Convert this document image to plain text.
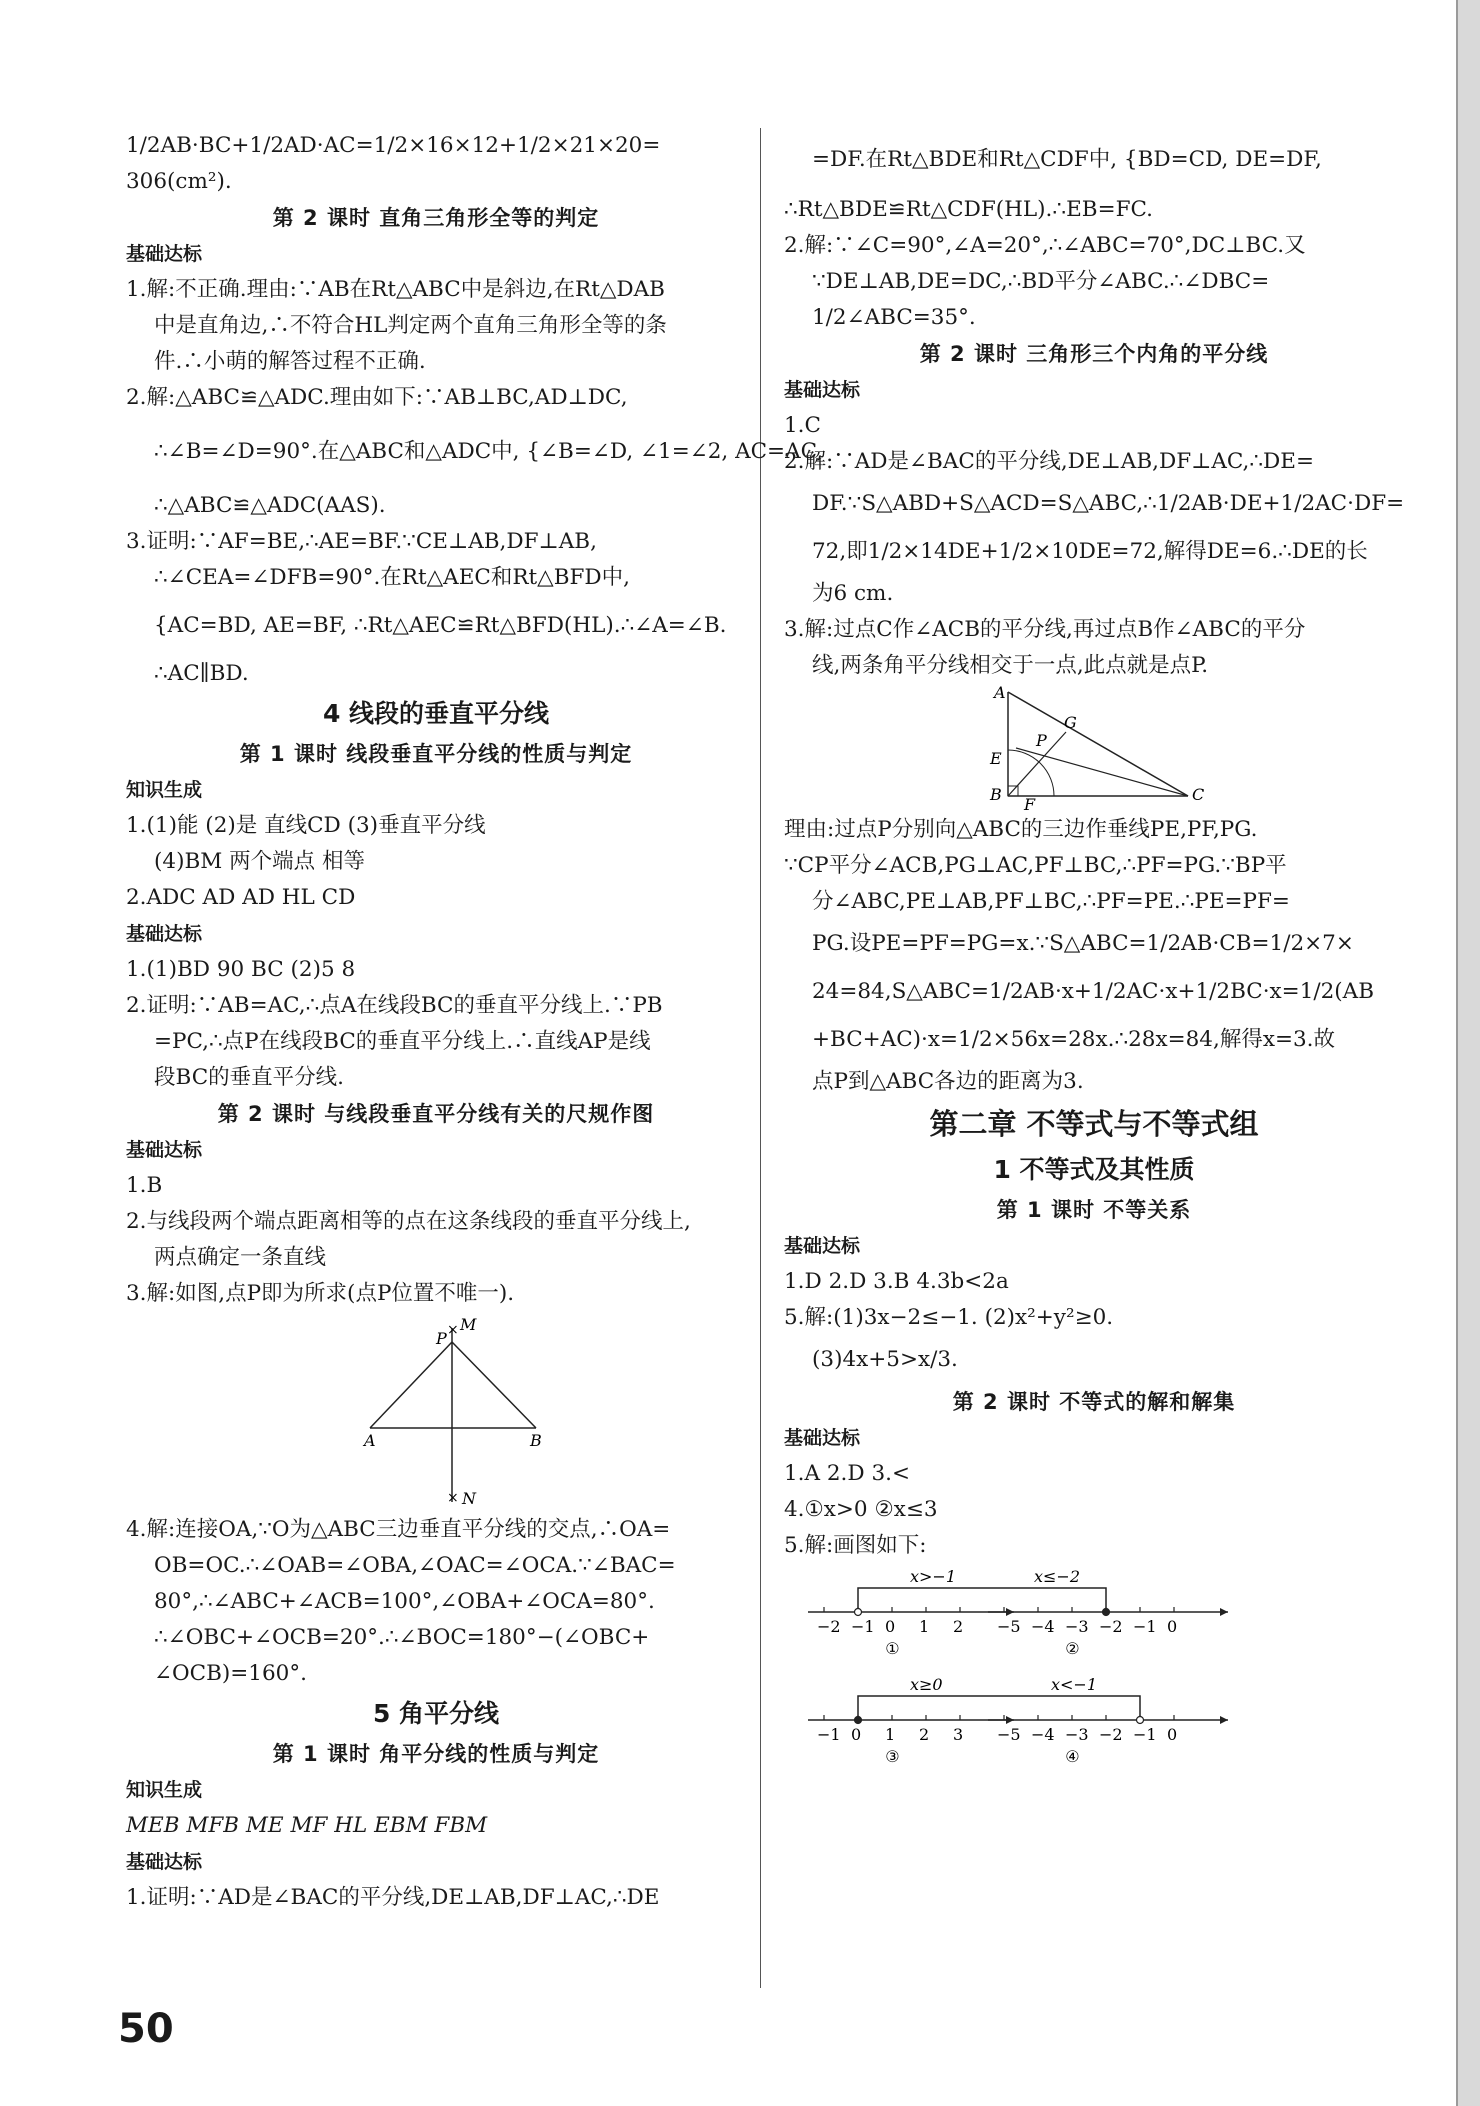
1/2AB·BC+1/2AD·AC=1/2×16×12+1/2×21×20=
306(cm²).
第 2 课时 直角三角形全等的判定
基础达标
1.解:不正确.理由:∵AB在Rt△ABC中是斜边,在Rt△DAB
中是直角边,∴不符合HL判定两个直角三角形全等的条
件.∴小萌的解答过程不正确.
2.解:△ABC≌△ADC.理由如下:∵AB⊥BC,AD⊥DC,
∴∠B=∠D=90°.在△ABC和△ADC中, {∠B=∠D, ∠1=∠2, AC=AC,
∴△ABC≌△ADC(AAS).
3.证明:∵AF=BE,∴AE=BF.∵CE⊥AB,DF⊥AB,
∴∠CEA=∠DFB=90°.在Rt△AEC和Rt△BFD中,
{AC=BD, AE=BF, ∴Rt△AEC≌Rt△BFD(HL).∴∠A=∠B.
∴AC∥BD.
4 线段的垂直平分线
第 1 课时 线段垂直平分线的性质与判定
知识生成
1.(1)能 (2)是 直线CD (3)垂直平分线
(4)BM 两个端点 相等
2.ADC AD AD HL CD
基础达标
1.(1)BD 90 BC (2)5 8
2.证明:∵AB=AC,∴点A在线段BC的垂直平分线上.∵PB
=PC,∴点P在线段BC的垂直平分线上.∴直线AP是线
段BC的垂直平分线.
第 2 课时 与线段垂直平分线有关的尺规作图
基础达标
1.B
2.与线段两个端点距离相等的点在这条线段的垂直平分线上,
两点确定一条直线
3.解:如图,点P即为所求(点P位置不唯一).
×
×
P
M
A	B
N
4.解:连接OA,∵O为△ABC三边垂直平分线的交点,∴OA=
OB=OC.∴∠OAB=∠OBA,∠OAC=∠OCA.∵∠BAC=
80°,∴∠ABC+∠ACB=100°,∠OBA+∠OCA=80°.
∴∠OBC+∠OCB=20°.∴∠BOC=180°−(∠OBC+
∠OCB)=160°.
5 角平分线
第 1 课时 角平分线的性质与判定
知识生成
MEB MFB ME MF HL EBM FBM
基础达标
1.证明:∵AD是∠BAC的平分线,DE⊥AB,DF⊥AC,∴DE
=DF.在Rt△BDE和Rt△CDF中, {BD=CD, DE=DF,
∴Rt△BDE≌Rt△CDF(HL).∴EB=FC.
2.解:∵∠C=90°,∠A=20°,∴∠ABC=70°,DC⊥BC.又
∵DE⊥AB,DE=DC,∴BD平分∠ABC.∴∠DBC=
1/2∠ABC=35°.
第 2 课时 三角形三个内角的平分线
基础达标
1.C
2.解:∵AD是∠BAC的平分线,DE⊥AB,DF⊥AC,∴DE=
DF.∵S△ABD+S△ACD=S△ABC,∴1/2AB·DE+1/2AC·DF=
72,即1/2×14DE+1/2×10DE=72,解得DE=6.∴DE的长
为6 cm.
3.解:过点C作∠ACB的平分线,再过点B作∠ABC的平分
线,两条角平分线相交于一点,此点就是点P.
A
G
P
E
B
F
C
理由:过点P分别向△ABC的三边作垂线PE,PF,PG.
∵CP平分∠ACB,PG⊥AC,PF⊥BC,∴PF=PG.∵BP平
分∠ABC,PE⊥AB,PF⊥BC,∴PF=PE.∴PE=PF=
PG.设PE=PF=PG=x.∵S△ABC=1/2AB·CB=1/2×7×
24=84,S△ABC=1/2AB·x+1/2AC·x+1/2BC·x=1/2(AB
+BC+AC)·x=1/2×56x=28x.∴28x=84,解得x=3.故
点P到△ABC各边的距离为3.
第二章 不等式与不等式组
1 不等式及其性质
第 1 课时 不等关系
基础达标
1.D 2.D 3.B 4.3b<2a
5.解:(1)3x−2≤−1. (2)x²+y²≥0.
(3)4x+5>x/3.
第 2 课时 不等式的解和解集
基础达标
1.A 2.D 3.<
4.①x>0 ②x≤3
5.解:画图如下:
−2 −1 0 1 2
x>−1
①
−5 −4 −3 −2 −1 0
x≤−2
②
−1 0 1 2 3
x≥0
③
−5 −4 −3 −2 −1 0
x<−1
④
50
